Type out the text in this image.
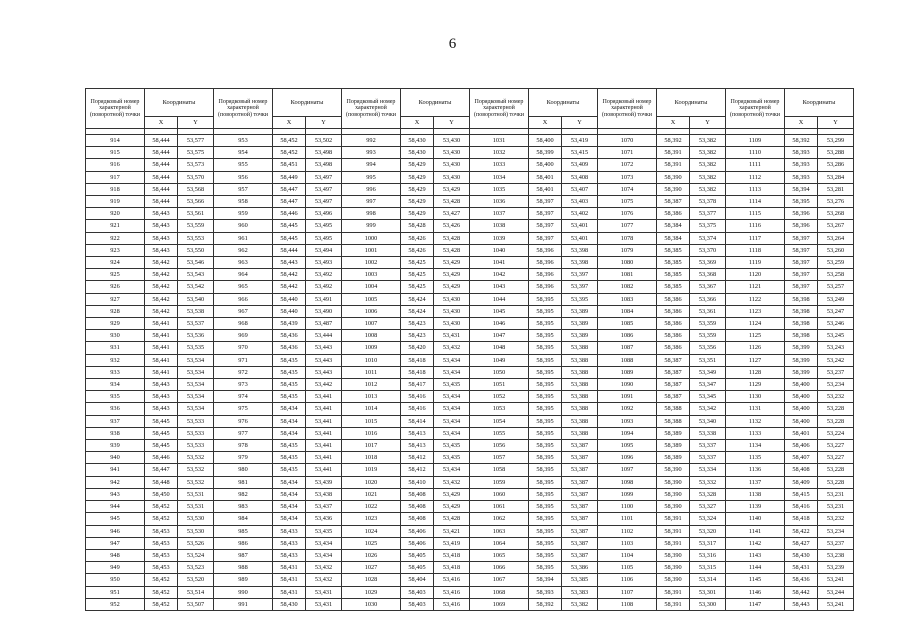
6
Порядковый номер характерной (поворотной) точки	Координаты		Порядковый номер характерной (поворотной) точки	Координаты		Порядковый номер характерной (поворотной) точки	Координаты		Порядковый номер характерной (поворотной) точки	Координаты		Порядковый номер характерной (поворотной) точки	Координаты		Порядковый номер характерной (поворотной) точки	Координаты	
	X	Y		X	Y		X	Y		X	Y		X	Y		X	Y

914	58,444	53,577	953	58,452	53,502	992	58,430	53,430	1031	58,400	53,419	1070	58,392	53,382	1109	58,392	53,299
915	58,444	53,575	954	58,452	53,498	993	58,430	53,430	1032	58,399	53,415	1071	58,391	53,382	1110	58,393	53,288
916	58,444	53,573	955	58,451	53,498	994	58,429	53,430	1033	58,400	53,409	1072	58,391	53,382	1111	58,393	53,286
917	58,444	53,570	956	58,449	53,497	995	58,429	53,430	1034	58,401	53,408	1073	58,390	53,382	1112	58,393	53,284
918	58,444	53,568	957	58,447	53,497	996	58,429	53,429	1035	58,401	53,407	1074	58,390	53,382	1113	58,394	53,281
919	58,444	53,566	958	58,447	53,497	997	58,429	53,428	1036	58,397	53,403	1075	58,387	53,378	1114	58,395	53,276
920	58,443	53,561	959	58,446	53,496	998	58,429	53,427	1037	58,397	53,402	1076	58,386	53,377	1115	58,396	53,268
921	58,443	53,559	960	58,445	53,495	999	58,428	53,426	1038	58,397	53,401	1077	58,384	53,375	1116	58,396	53,267
922	58,443	53,553	961	58,445	53,495	1000	58,426	53,428	1039	58,397	53,401	1078	58,384	53,374	1117	58,397	53,264
923	58,443	53,550	962	58,444	53,494	1001	58,426	53,428	1040	58,396	53,398	1079	58,385	53,370	1118	58,397	53,260
924	58,442	53,546	963	58,443	53,493	1002	58,425	53,429	1041	58,396	53,398	1080	58,385	53,369	1119	58,397	53,259
925	58,442	53,543	964	58,442	53,492	1003	58,425	53,429	1042	58,396	53,397	1081	58,385	53,368	1120	58,397	53,258
926	58,442	53,542	965	58,442	53,492	1004	58,425	53,429	1043	58,396	53,397	1082	58,385	53,367	1121	58,397	53,257
927	58,442	53,540	966	58,440	53,491	1005	58,424	53,430	1044	58,395	53,395	1083	58,386	53,366	1122	58,398	53,249
928	58,442	53,538	967	58,440	53,490	1006	58,424	53,430	1045	58,395	53,389	1084	58,386	53,361	1123	58,398	53,247
929	58,441	53,537	968	58,439	53,487	1007	58,423	53,430	1046	58,395	53,389	1085	58,386	53,359	1124	58,398	53,246
930	58,441	53,536	969	58,436	53,444	1008	58,423	53,431	1047	58,395	53,389	1086	58,386	53,359	1125	58,398	53,245
931	58,441	53,535	970	58,436	53,443	1009	58,420	53,432	1048	58,395	53,388	1087	58,386	53,356	1126	58,399	53,243
932	58,441	53,534	971	58,435	53,443	1010	58,418	53,434	1049	58,395	53,388	1088	58,387	53,351	1127	58,399	53,242
933	58,441	53,534	972	58,435	53,443	1011	58,418	53,434	1050	58,395	53,388	1089	58,387	53,349	1128	58,399	53,237
934	58,443	53,534	973	58,435	53,442	1012	58,417	53,435	1051	58,395	53,388	1090	58,387	53,347	1129	58,400	53,234
935	58,443	53,534	974	58,435	53,441	1013	58,416	53,434	1052	58,395	53,388	1091	58,387	53,345	1130	58,400	53,232
936	58,443	53,534	975	58,434	53,441	1014	58,416	53,434	1053	58,395	53,388	1092	58,388	53,342	1131	58,400	53,228
937	58,445	53,533	976	58,434	53,441	1015	58,414	53,434	1054	58,395	53,388	1093	58,388	53,340	1132	58,400	53,228
938	58,445	53,533	977	58,434	53,441	1016	58,413	53,434	1055	58,395	53,388	1094	58,389	53,338	1133	58,401	53,224
939	58,445	53,533	978	58,435	53,441	1017	58,413	53,435	1056	58,395	53,387	1095	58,389	53,337	1134	58,406	53,227
940	58,446	53,532	979	58,435	53,441	1018	58,412	53,435	1057	58,395	53,387	1096	58,389	53,337	1135	58,407	53,227
941	58,447	53,532	980	58,435	53,441	1019	58,412	53,434	1058	58,395	53,387	1097	58,390	53,334	1136	58,408	53,228
942	58,448	53,532	981	58,434	53,439	1020	58,410	53,432	1059	58,395	53,387	1098	58,390	53,332	1137	58,409	53,228
943	58,450	53,531	982	58,434	53,438	1021	58,408	53,429	1060	58,395	53,387	1099	58,390	53,328	1138	58,415	53,231
944	58,452	53,531	983	58,434	53,437	1022	58,408	53,429	1061	58,395	53,387	1100	58,390	53,327	1139	58,416	53,231
945	58,452	53,530	984	58,434	53,436	1023	58,408	53,428	1062	58,395	53,387	1101	58,391	53,324	1140	58,418	53,232
946	58,453	53,530	985	58,433	53,435	1024	58,406	53,421	1063	58,395	53,387	1102	58,391	53,320	1141	58,422	53,234
947	58,453	53,526	986	58,433	53,434	1025	58,406	53,419	1064	58,395	53,387	1103	58,391	53,317	1142	58,427	53,237
948	58,453	53,524	987	58,433	53,434	1026	58,405	53,418	1065	58,395	53,387	1104	58,390	53,316	1143	58,430	53,238
949	58,453	53,523	988	58,431	53,432	1027	58,405	53,418	1066	58,395	53,386	1105	58,390	53,315	1144	58,431	53,239
950	58,452	53,520	989	58,431	53,432	1028	58,404	53,416	1067	58,394	53,385	1106	58,390	53,314	1145	58,436	53,241
951	58,452	53,514	990	58,431	53,431	1029	58,403	53,416	1068	58,393	53,383	1107	58,391	53,301	1146	58,442	53,244
952	58,452	53,507	991	58,430	53,431	1030	58,403	53,416	1069	58,392	53,382	1108	58,391	53,300	1147	58,443	53,241
